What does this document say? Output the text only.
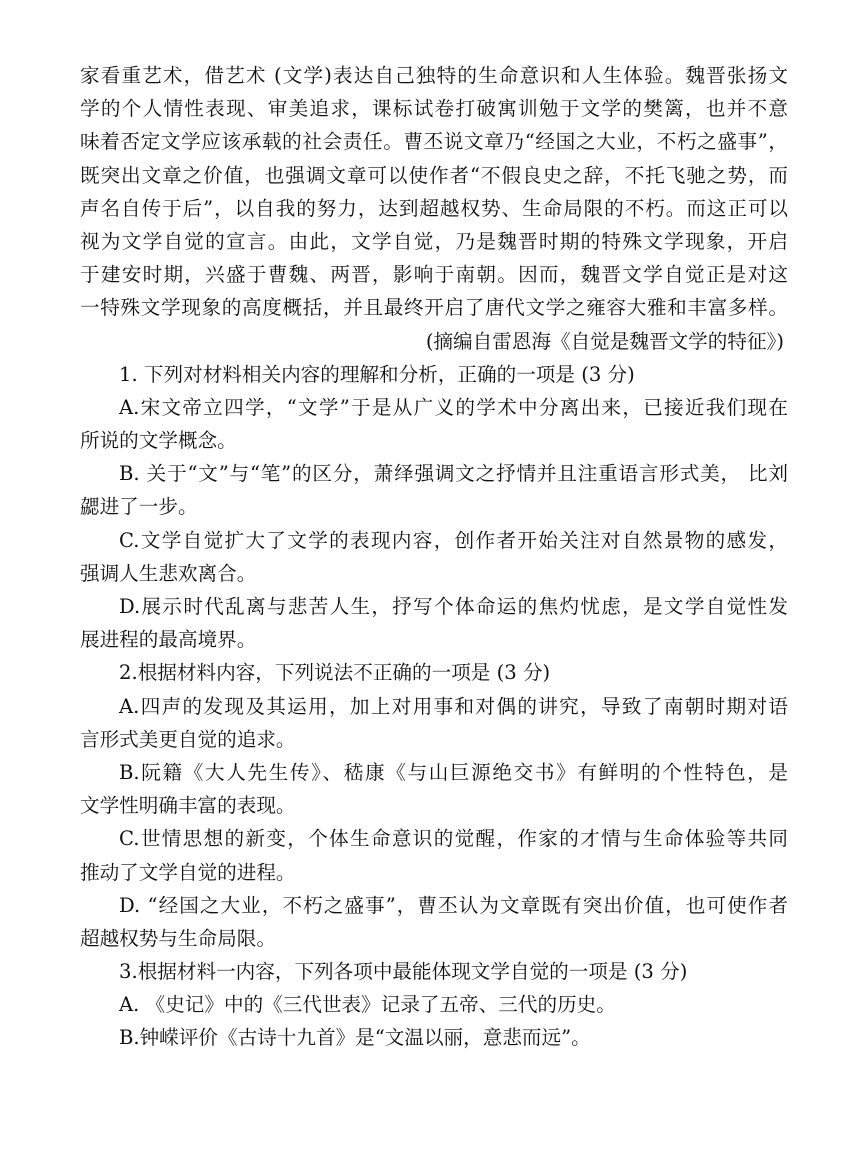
家看重艺术，借艺术 (文学)表达自己独特的生命意识和人生体验。魏晋张扬文
学的个人情性表现、审美追求，课标试卷打破寓训勉于文学的樊篱，也并不意
味着否定文学应该承载的社会责任。曹丕说文章乃“经国之大业，不朽之盛事”，
既突出文章之价值，也强调文章可以使作者“不假良史之辞，不托飞驰之势，而
声名自传于后”，以自我的努力，达到超越权势、生命局限的不朽。而这正可以
视为文学自觉的宣言。由此，文学自觉，乃是魏晋时期的特殊文学现象，开启
于建安时期，兴盛于曹魏、两晋，影响于南朝。因而，魏晋文学自觉正是对这
一特殊文学现象的高度概括，并且最终开启了唐代文学之雍容大雅和丰富多样。
(摘编自雷恩海《自觉是魏晋文学的特征》)
1. 下列对材料相关内容的理解和分析，正确的一项是 (3 分)
A.宋文帝立四学，“文学”于是从广义的学术中分离出来，已接近我们现在
所说的文学概念。
B. 关于“文”与“笔”的区分，萧绎强调文之抒情并且注重语言形式美， 比刘
勰进了一步。
C.文学自觉扩大了文学的表现内容，创作者开始关注对自然景物的感发，
强调人生悲欢离合。
D.展示时代乱离与悲苦人生，抒写个体命运的焦灼忧虑，是文学自觉性发
展进程的最高境界。
2.根据材料内容，下列说法不正确的一项是 (3 分)
A.四声的发现及其运用，加上对用事和对偶的讲究，导致了南朝时期对语
言形式美更自觉的追求。
B.阮籍《大人先生传》、嵇康《与山巨源绝交书》有鲜明的个性特色，是
文学性明确丰富的表现。
C.世情思想的新变，个体生命意识的觉醒，作家的才情与生命体验等共同
推动了文学自觉的进程。
D. “经国之大业，不朽之盛事”，曹丕认为文章既有突出价值，也可使作者
超越权势与生命局限。
3.根据材料一内容，下列各项中最能体现文学自觉的一项是 (3 分)
A. 《史记》中的《三代世表》记录了五帝、三代的历史。
B.钟嵘评价《古诗十九首》是“文温以丽，意悲而远”。
